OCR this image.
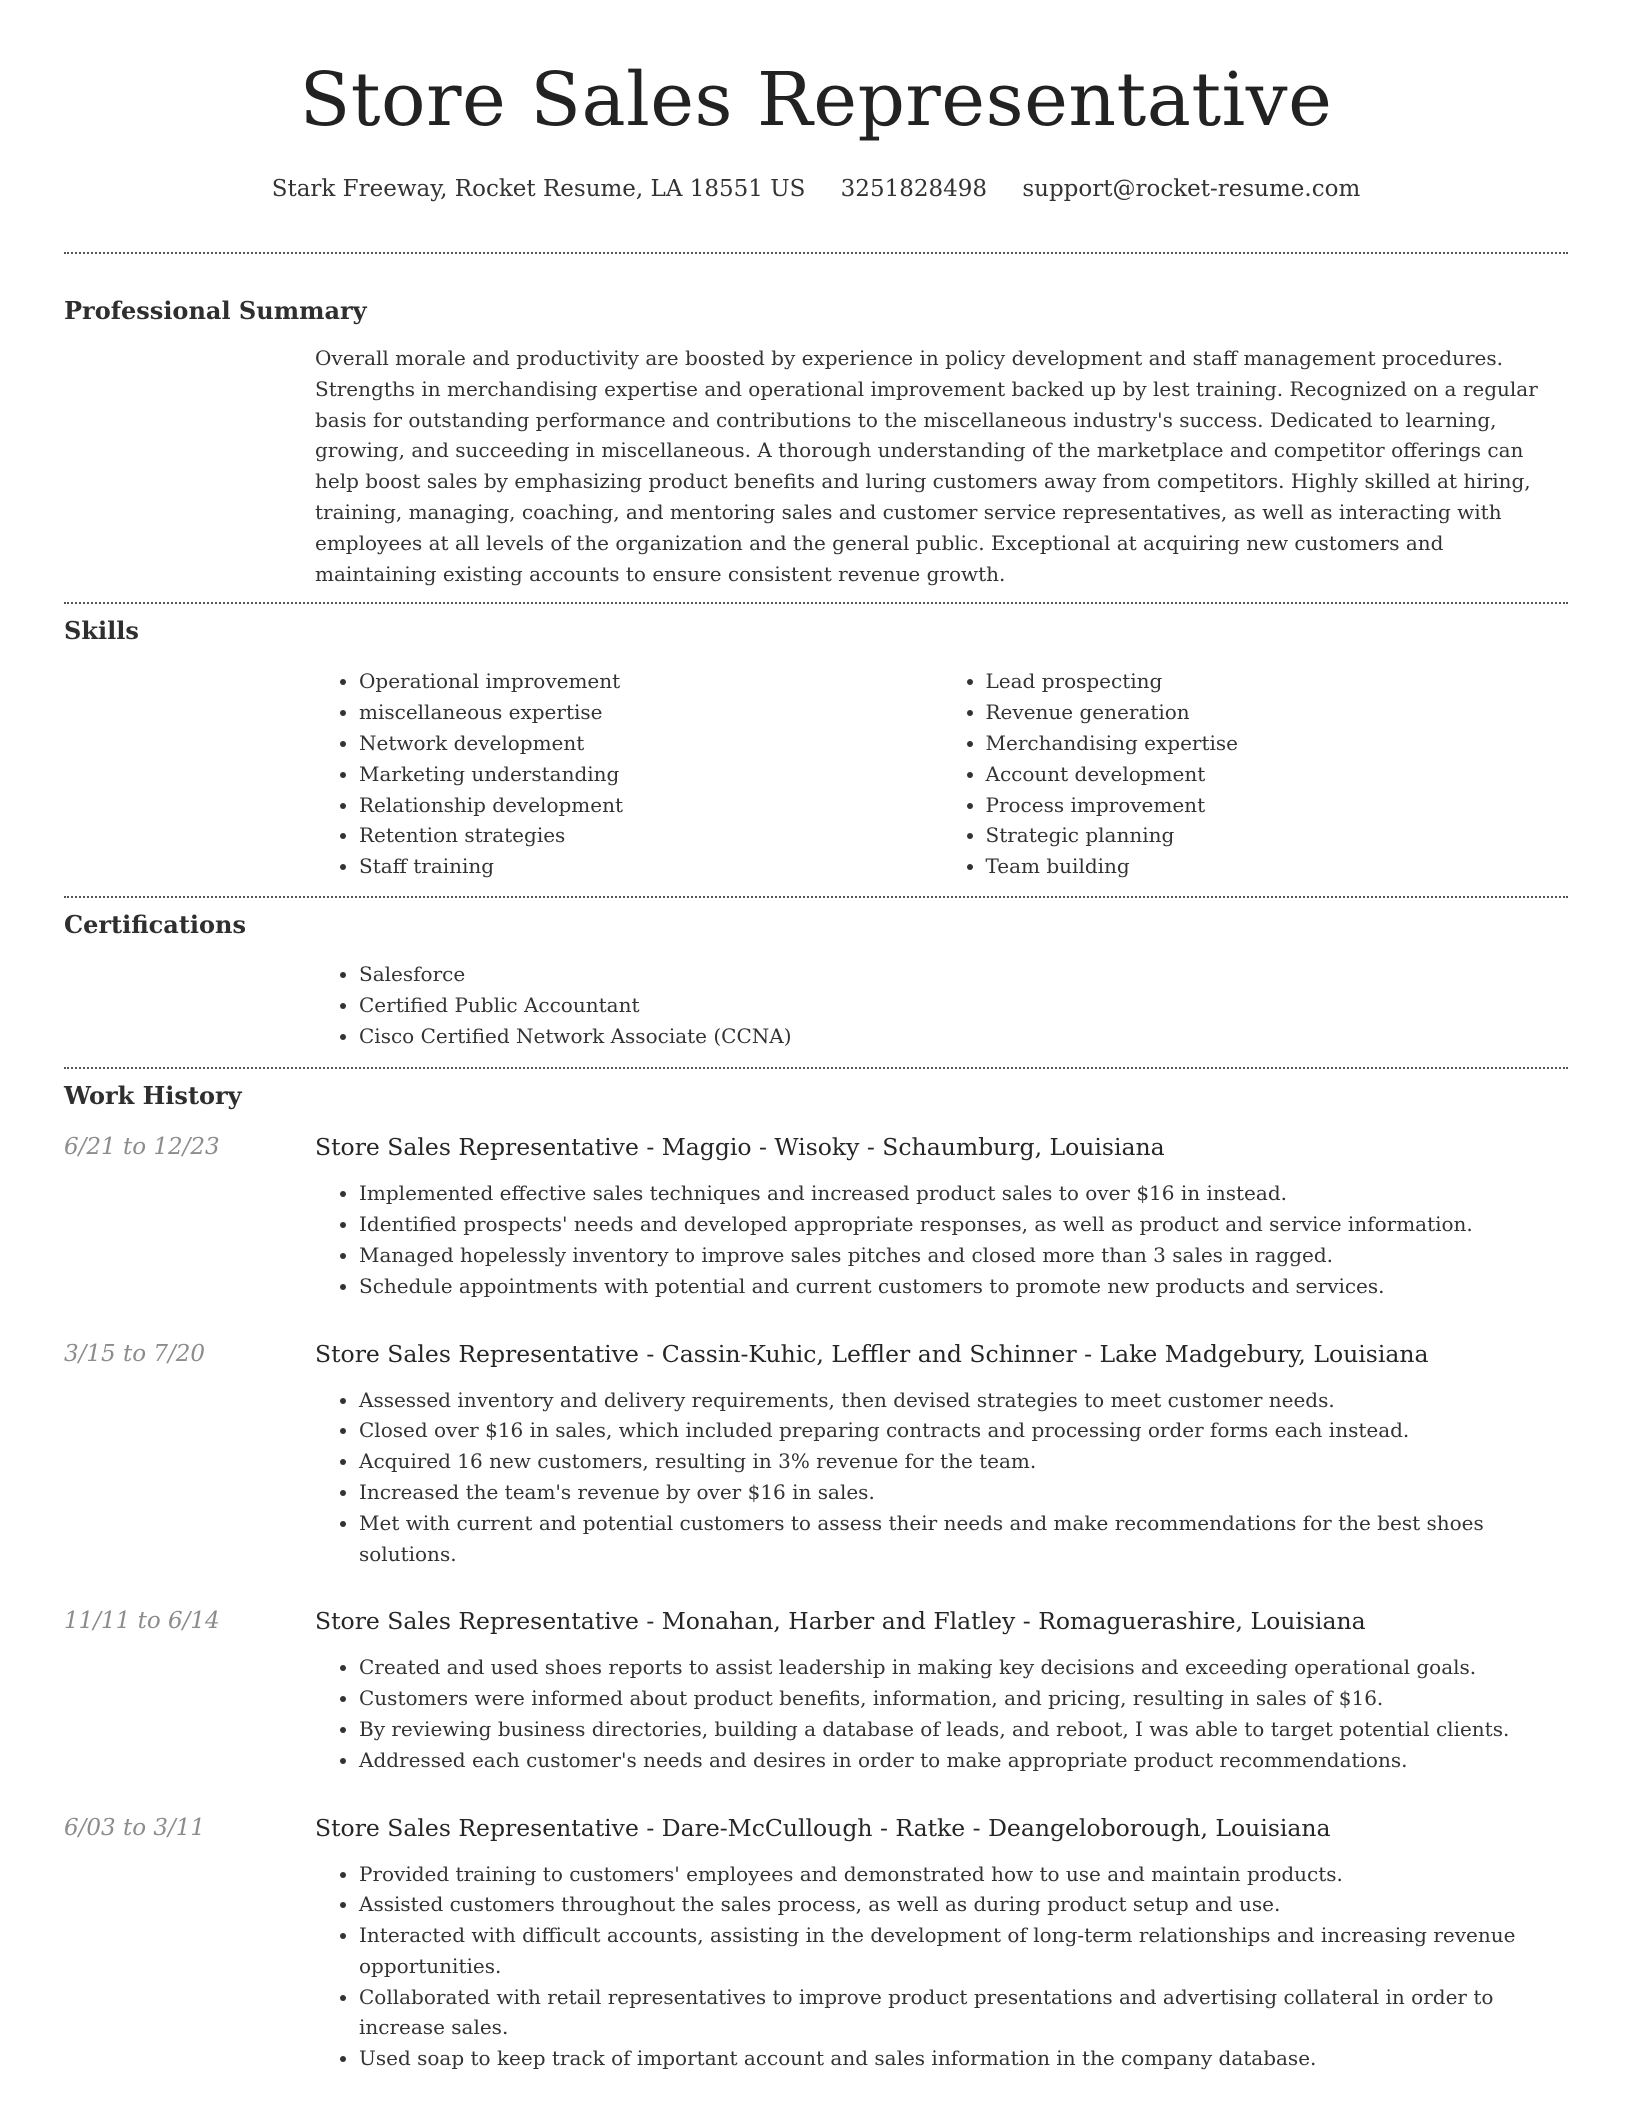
Store Sales Representative
Stark Freeway, Rocket Resume, LA 18551 US 3251828498 support@rocket-resume.com
Professional Summary
Overall morale and productivity are boosted by experience in policy development and staff management procedures. Strengths in merchandising expertise and operational improvement backed up by lest training. Recognized on a regular basis for outstanding performance and contributions to the miscellaneous industry's success. Dedicated to learning, growing, and succeeding in miscellaneous. A thorough understanding of the marketplace and competitor offerings can help boost sales by emphasizing product benefits and luring customers away from competitors. Highly skilled at hiring, training, managing, coaching, and mentoring sales and customer service representatives, as well as interacting with employees at all levels of the organization and the general public. Exceptional at acquiring new customers and maintaining existing accounts to ensure consistent revenue growth.
Skills
• Operational improvement
• miscellaneous expertise
• Network development
• Marketing understanding
• Relationship development
• Retention strategies
• Staff training
• Lead prospecting
• Revenue generation
• Merchandising expertise
• Account development
• Process improvement
• Strategic planning
• Team building
Certifications
• Salesforce
• Certified Public Accountant
• Cisco Certified Network Associate (CCNA)
Work History
6/21 to 12/23	Store Sales Representative - Maggio - Wisoky - Schaumburg, Louisiana
• Implemented effective sales techniques and increased product sales to over $16 in instead.
• Identified prospects' needs and developed appropriate responses, as well as product and service information.
• Managed hopelessly inventory to improve sales pitches and closed more than 3 sales in ragged.
• Schedule appointments with potential and current customers to promote new products and services.
3/15 to 7/20	Store Sales Representative - Cassin-Kuhic, Leffler and Schinner - Lake Madgebury, Louisiana
• Assessed inventory and delivery requirements, then devised strategies to meet customer needs.
• Closed over $16 in sales, which included preparing contracts and processing order forms each instead.
• Acquired 16 new customers, resulting in 3% revenue for the team.
• Increased the team's revenue by over $16 in sales.
• Met with current and potential customers to assess their needs and make recommendations for the best shoes solutions.
11/11 to 6/14	Store Sales Representative - Monahan, Harber and Flatley - Romaguerashire, Louisiana
• Created and used shoes reports to assist leadership in making key decisions and exceeding operational goals.
• Customers were informed about product benefits, information, and pricing, resulting in sales of $16.
• By reviewing business directories, building a database of leads, and reboot, I was able to target potential clients.
• Addressed each customer's needs and desires in order to make appropriate product recommendations.
6/03 to 3/11	Store Sales Representative - Dare-McCullough - Ratke - Deangeloborough, Louisiana
• Provided training to customers' employees and demonstrated how to use and maintain products.
• Assisted customers throughout the sales process, as well as during product setup and use.
• Interacted with difficult accounts, assisting in the development of long-term relationships and increasing revenue opportunities.
• Collaborated with retail representatives to improve product presentations and advertising collateral in order to increase sales.
• Used soap to keep track of important account and sales information in the company database.
